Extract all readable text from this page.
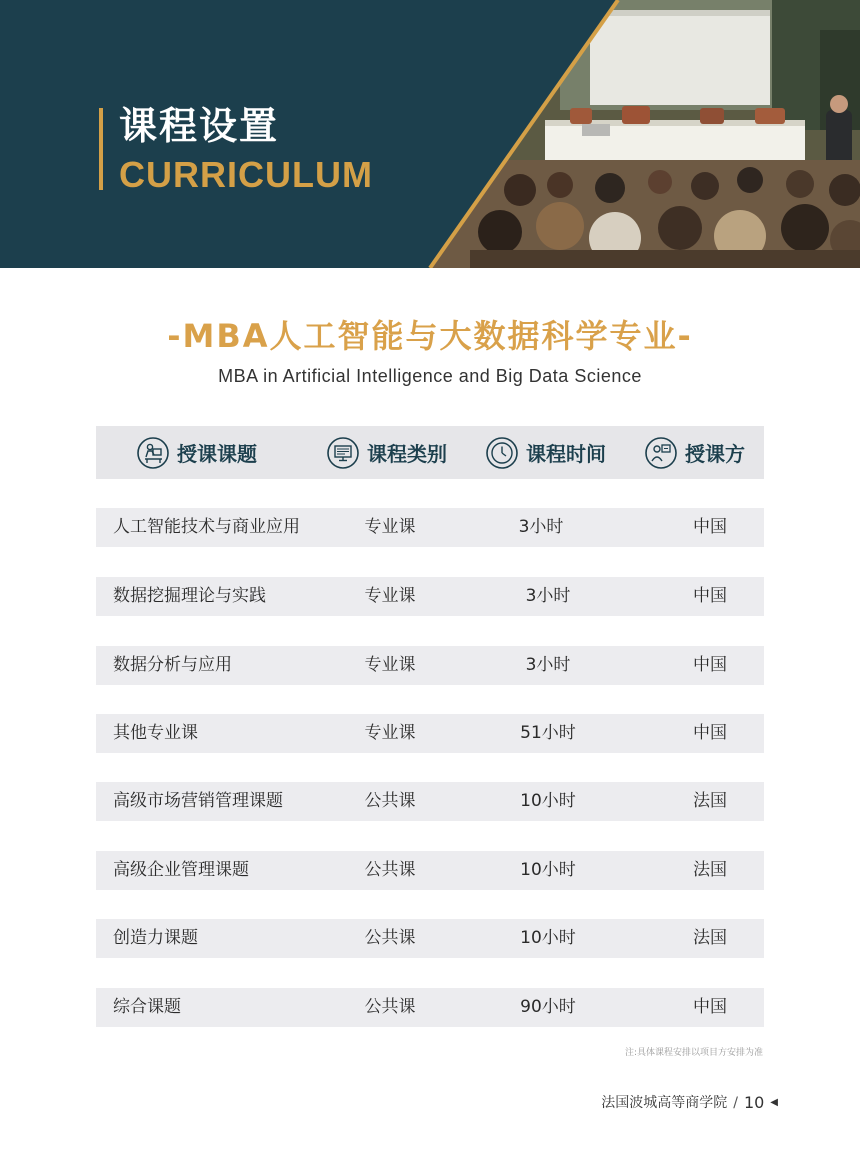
课程设置
CURRICULUM
-MBA人工智能与大数据科学专业-
MBA in Artificial Intelligence and Big Data Science
授课课题	课程类别	课程时间	授课方
人工智能技术与商业应用	专业课	3小时	中国
数据挖掘理论与实践	专业课	3小时	中国
数据分析与应用	专业课	3小时	中国
其他专业课	专业课	51小时	中国
高级市场营销管理课题	公共课	10小时	法国
高级企业管理课题	公共课	10小时	法国
创造力课题	公共课	10小时	法国
综合课题	公共课	90小时	中国
注:具体课程安排以项目方安排为准
法国波城高等商学院 / 10 ◀
